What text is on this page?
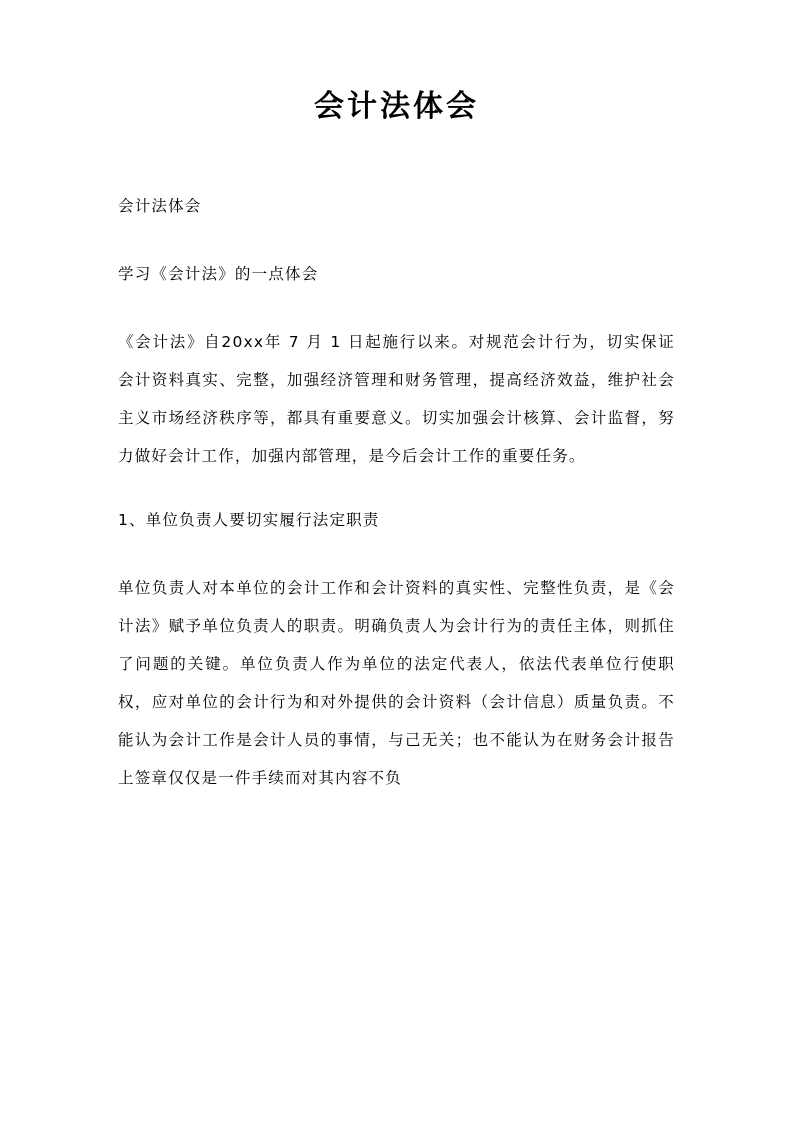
会计法体会

会计法体会

学习《会计法》的一点体会

《会计法》自20xx年 7 月 1 日起施行以来。对规范会计行为，切实保证会计资料真实、完整，加强经济管理和财务管理，提高经济效益，维护社会主义市场经济秩序等，都具有重要意义。切实加强会计核算、会计监督，努力做好会计工作，加强内部管理，是今后会计工作的重要任务。

1、单位负责人要切实履行法定职责

单位负责人对本单位的会计工作和会计资料的真实性、完整性负责，是《会计法》赋予单位负责人的职责。明确负责人为会计行为的责任主体，则抓住了问题的关键。单位负责人作为单位的法定代表人，依法代表单位行使职权，应对单位的会计行为和对外提供的会计资料（会计信息）质量负责。不能认为会计工作是会计人员的事情，与己无关；也不能认为在财务会计报告上签章仅仅是一件手续而对其内容不负
